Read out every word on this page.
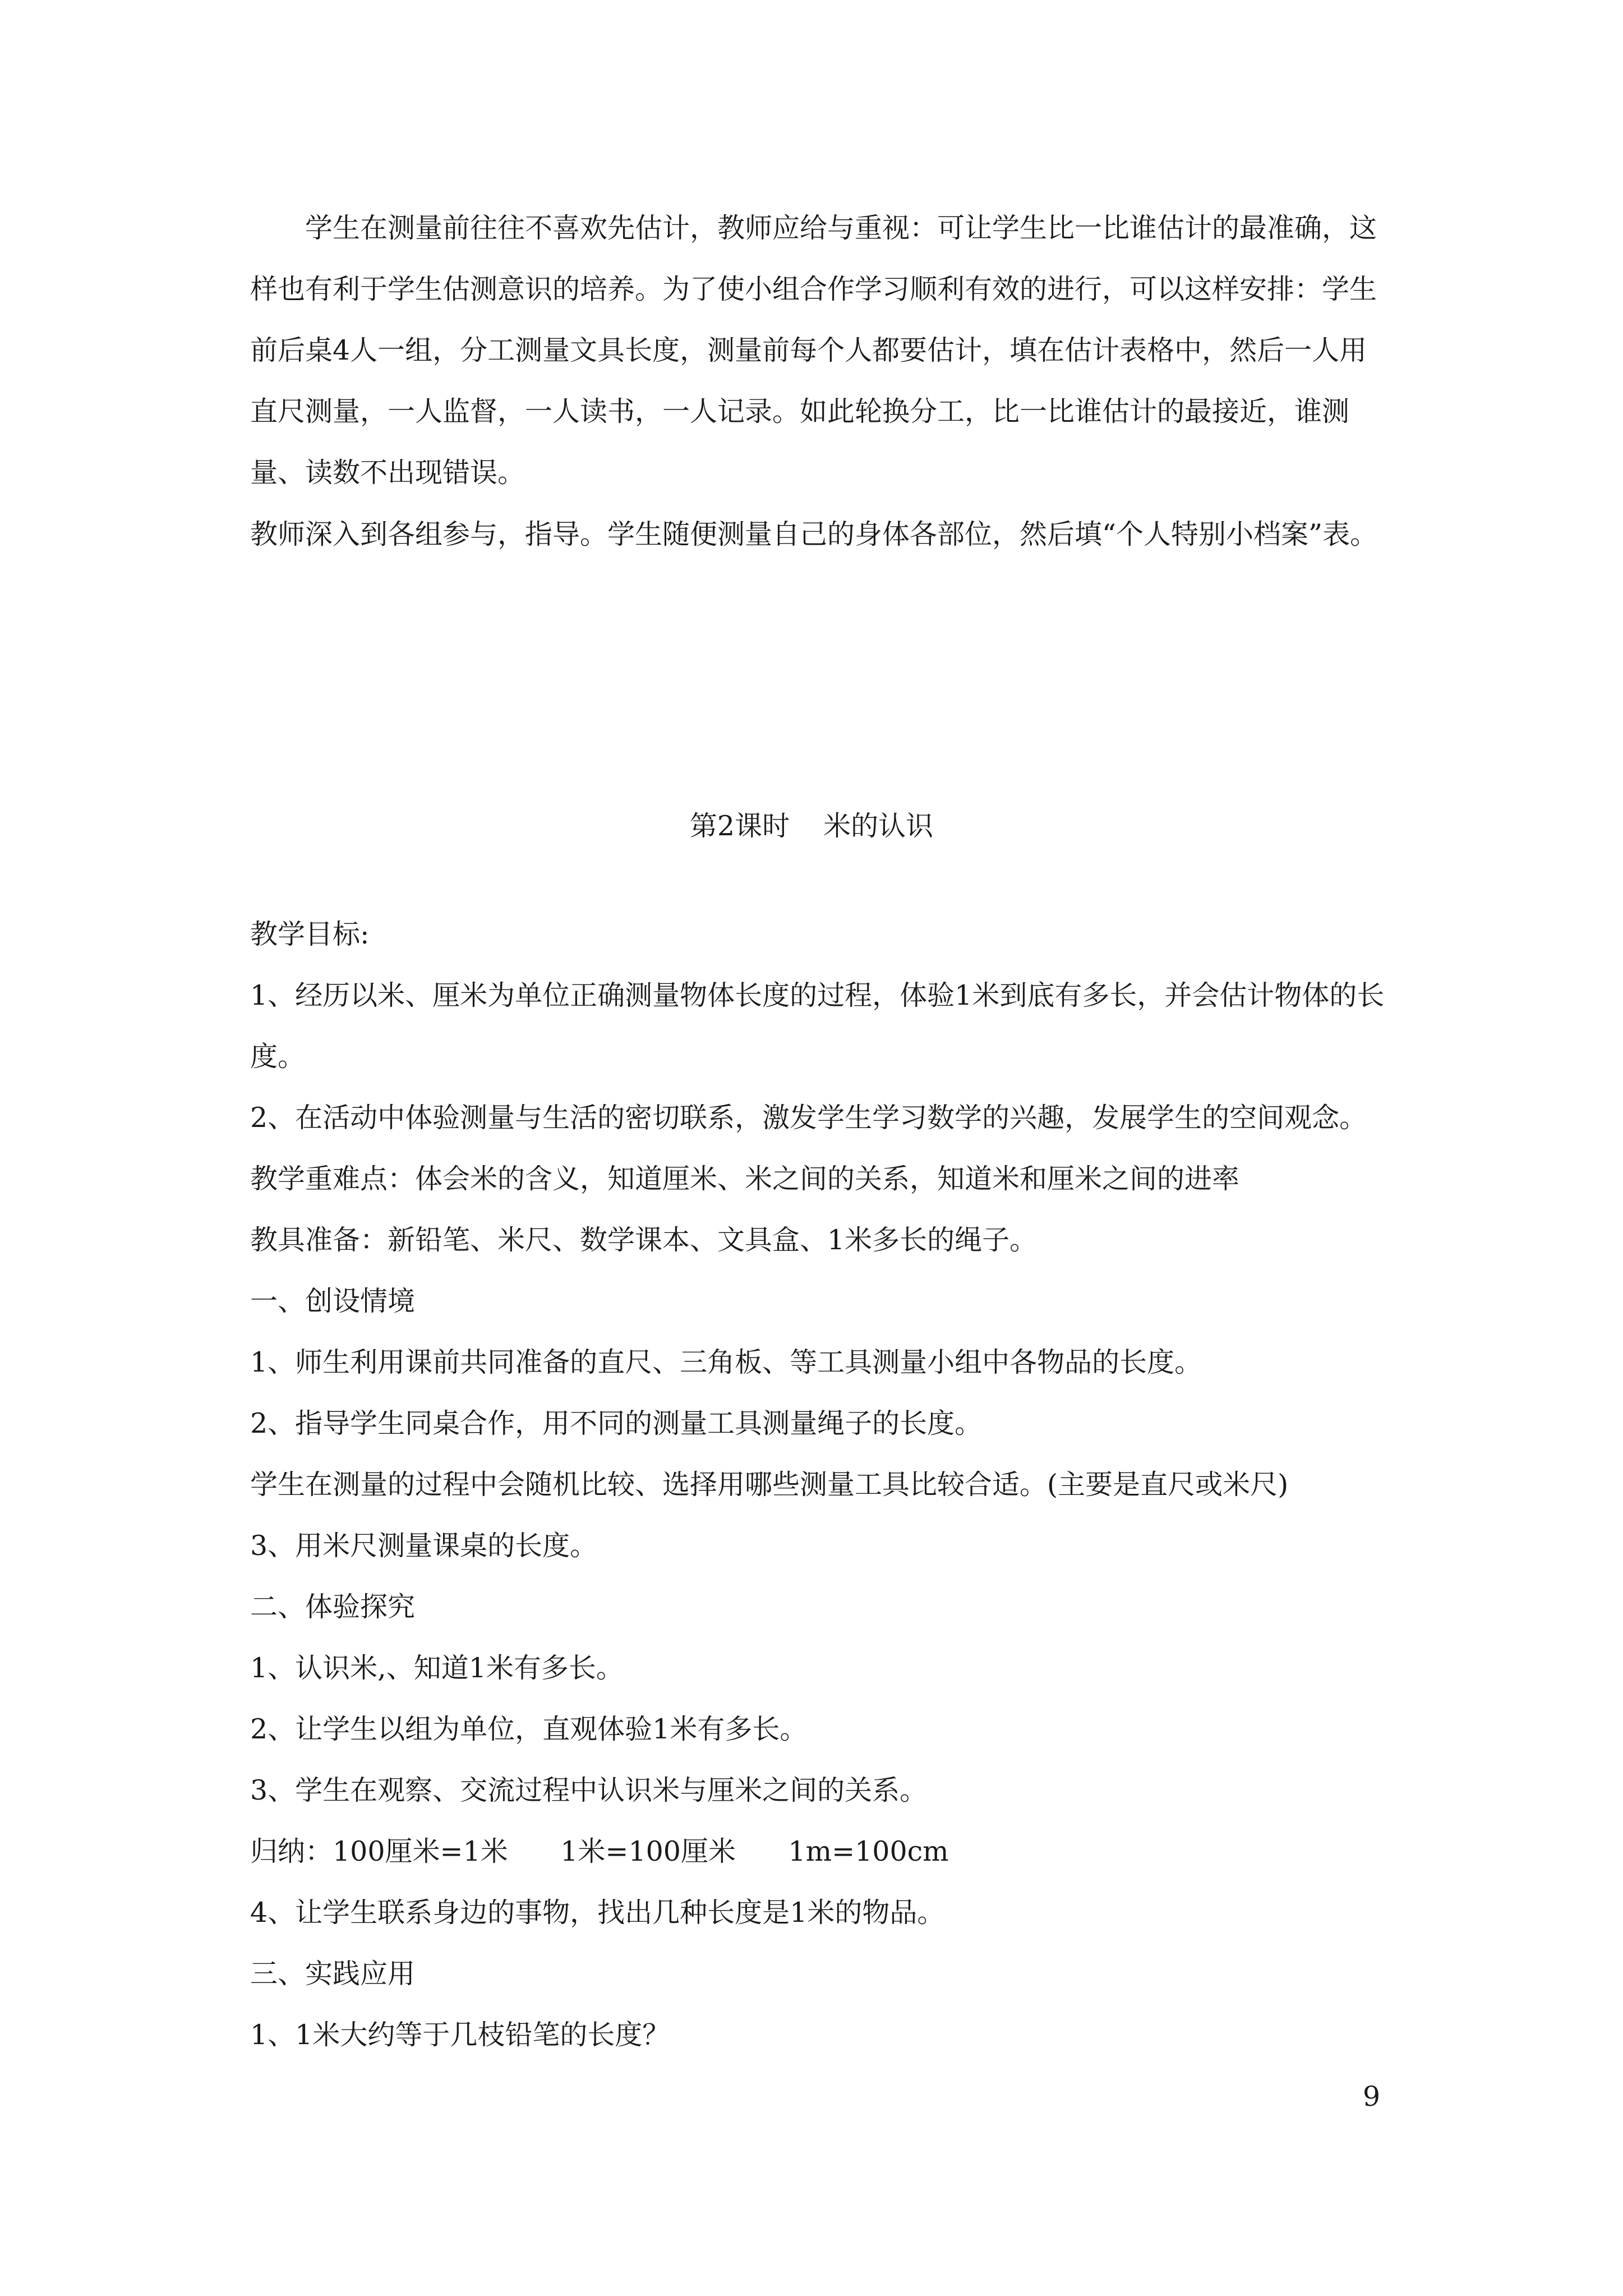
学生在测量前往往不喜欢先估计，教师应给与重视：可让学生比一比谁估计的最准确，这样也有利于学生估测意识的培养。为了使小组合作学习顺利有效的进行，可以这样安排：学生前后桌4人一组，分工测量文具长度，测量前每个人都要估计，填在估计表格中，然后一人用直尺测量，一人监督，一人读书，一人记录。如此轮换分工，比一比谁估计的最接近，谁测量、读数不出现错误。

教师深入到各组参与，指导。学生随便测量自己的身体各部位，然后填“个人特别小档案”表。

第2课时 米的认识
教学目标:
1、经历以米、厘米为单位正确测量物体长度的过程，体验1米到底有多长，并会估计物体的长度。
2、在活动中体验测量与生活的密切联系，激发学生学习数学的兴趣，发展学生的空间观念。
教学重难点：体会米的含义，知道厘米、米之间的关系，知道米和厘米之间的进率
教具准备：新铅笔、米尺、数学课本、文具盒、1米多长的绳子。
一、创设情境
1、师生利用课前共同准备的直尺、三角板、等工具测量小组中各物品的长度。
2、指导学生同桌合作，用不同的测量工具测量绳子的长度。
学生在测量的过程中会随机比较、选择用哪些测量工具比较合适。(主要是直尺或米尺)
3、用米尺测量课桌的长度。
二、体验探究
1、认识米,、知道1米有多长。
2、让学生以组为单位，直观体验1米有多长。
3、学生在观察、交流过程中认识米与厘米之间的关系。
归纳：100厘米=1米      1米=100厘米      1m=100cm
4、让学生联系身边的事物，找出几种长度是1米的物品。
三、实践应用
1、1米大约等于几枝铅笔的长度？
9
